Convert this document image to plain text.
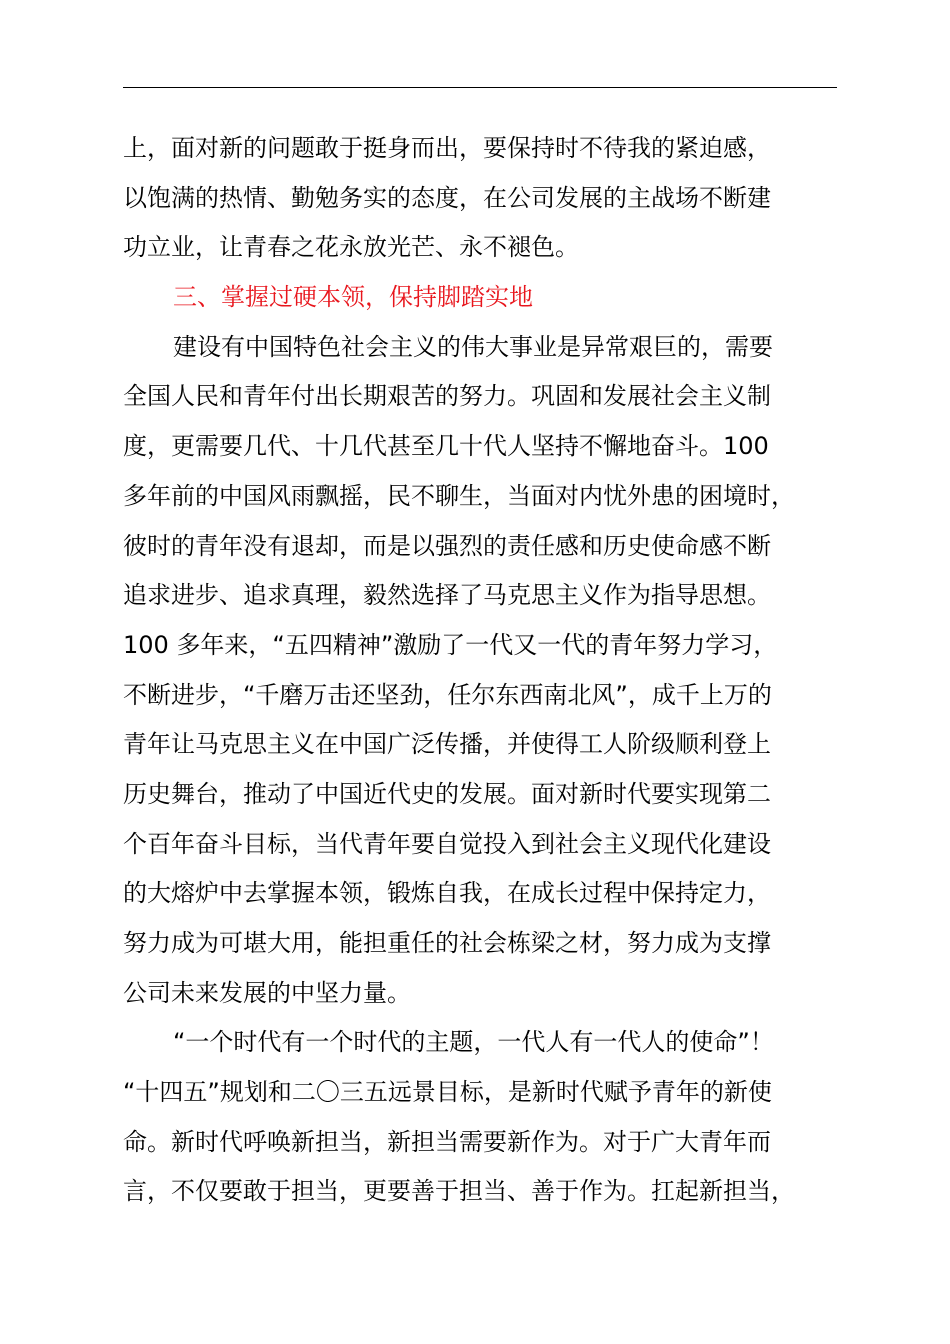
上，面对新的问题敢于挺身而出，要保持时不待我的紧迫感，
以饱满的热情、勤勉务实的态度，在公司发展的主战场不断建
功立业，让青春之花永放光芒、永不褪色。
三、掌握过硬本领，保持脚踏实地
建设有中国特色社会主义的伟大事业是异常艰巨的，需要
全国人民和青年付出长期艰苦的努力。巩固和发展社会主义制
度，更需要几代、十几代甚至几十代人坚持不懈地奋斗。100
多年前的中国风雨飘摇，民不聊生，当面对内忧外患的困境时，
彼时的青年没有退却，而是以强烈的责任感和历史使命感不断
追求进步、追求真理，毅然选择了马克思主义作为指导思想。
100 多年来，“五四精神”激励了一代又一代的青年努力学习，
不断进步，“千磨万击还坚劲，任尔东西南北风”，成千上万的
青年让马克思主义在中国广泛传播，并使得工人阶级顺利登上
历史舞台，推动了中国近代史的发展。面对新时代要实现第二
个百年奋斗目标，当代青年要自觉投入到社会主义现代化建设
的大熔炉中去掌握本领，锻炼自我，在成长过程中保持定力，
努力成为可堪大用，能担重任的社会栋梁之材，努力成为支撑
公司未来发展的中坚力量。
“一个时代有一个时代的主题，一代人有一代人的使命”！
“十四五”规划和二〇三五远景目标，是新时代赋予青年的新使
命。新时代呼唤新担当，新担当需要新作为。对于广大青年而
言，不仅要敢于担当，更要善于担当、善于作为。扛起新担当，
